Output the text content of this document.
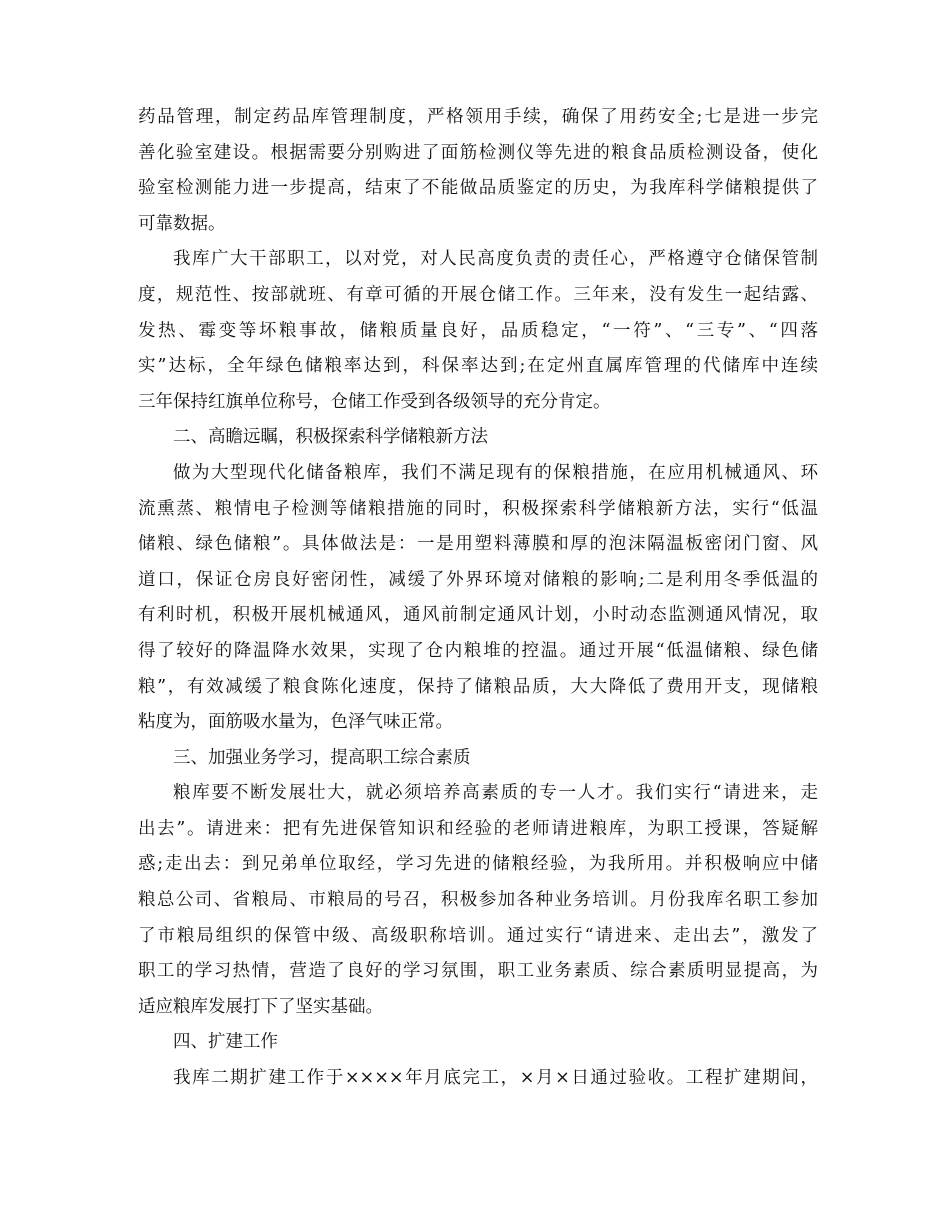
药品管理，制定药品库管理制度，严格领用手续，确保了用药安全;七是进一步完
善化验室建设。根据需要分别购进了面筋检测仪等先进的粮食品质检测设备，使化
验室检测能力进一步提高，结束了不能做品质鉴定的历史，为我库科学储粮提供了
可靠数据。
我库广大干部职工，以对党，对人民高度负责的责任心，严格遵守仓储保管制
度，规范性、按部就班、有章可循的开展仓储工作。三年来，没有发生一起结露、
发热、霉变等坏粮事故，储粮质量良好，品质稳定，“一符”、“三专”、“四落
实”达标，全年绿色储粮率达到，科保率达到;在定州直属库管理的代储库中连续
三年保持红旗单位称号，仓储工作受到各级领导的充分肯定。
二、高瞻远瞩，积极探索科学储粮新方法
做为大型现代化储备粮库，我们不满足现有的保粮措施，在应用机械通风、环
流熏蒸、粮情电子检测等储粮措施的同时，积极探索科学储粮新方法，实行“低温
储粮、绿色储粮”。具体做法是：一是用塑料薄膜和厚的泡沫隔温板密闭门窗、风
道口，保证仓房良好密闭性，减缓了外界环境对储粮的影响;二是利用冬季低温的
有利时机，积极开展机械通风，通风前制定通风计划，小时动态监测通风情况，取
得了较好的降温降水效果，实现了仓内粮堆的控温。通过开展“低温储粮、绿色储
粮”，有效减缓了粮食陈化速度，保持了储粮品质，大大降低了费用开支，现储粮
粘度为，面筋吸水量为，色泽气味正常。
三、加强业务学习，提高职工综合素质
粮库要不断发展壮大，就必须培养高素质的专一人才。我们实行“请进来，走
出去”。请进来：把有先进保管知识和经验的老师请进粮库，为职工授课，答疑解
惑;走出去：到兄弟单位取经，学习先进的储粮经验，为我所用。并积极响应中储
粮总公司、省粮局、市粮局的号召，积极参加各种业务培训。月份我库名职工参加
了市粮局组织的保管中级、高级职称培训。通过实行“请进来、走出去”，激发了
职工的学习热情，营造了良好的学习氛围，职工业务素质、综合素质明显提高，为
适应粮库发展打下了坚实基础。
四、扩建工作
我库二期扩建工作于××××年月底完工，×月×日通过验收。工程扩建期间，
